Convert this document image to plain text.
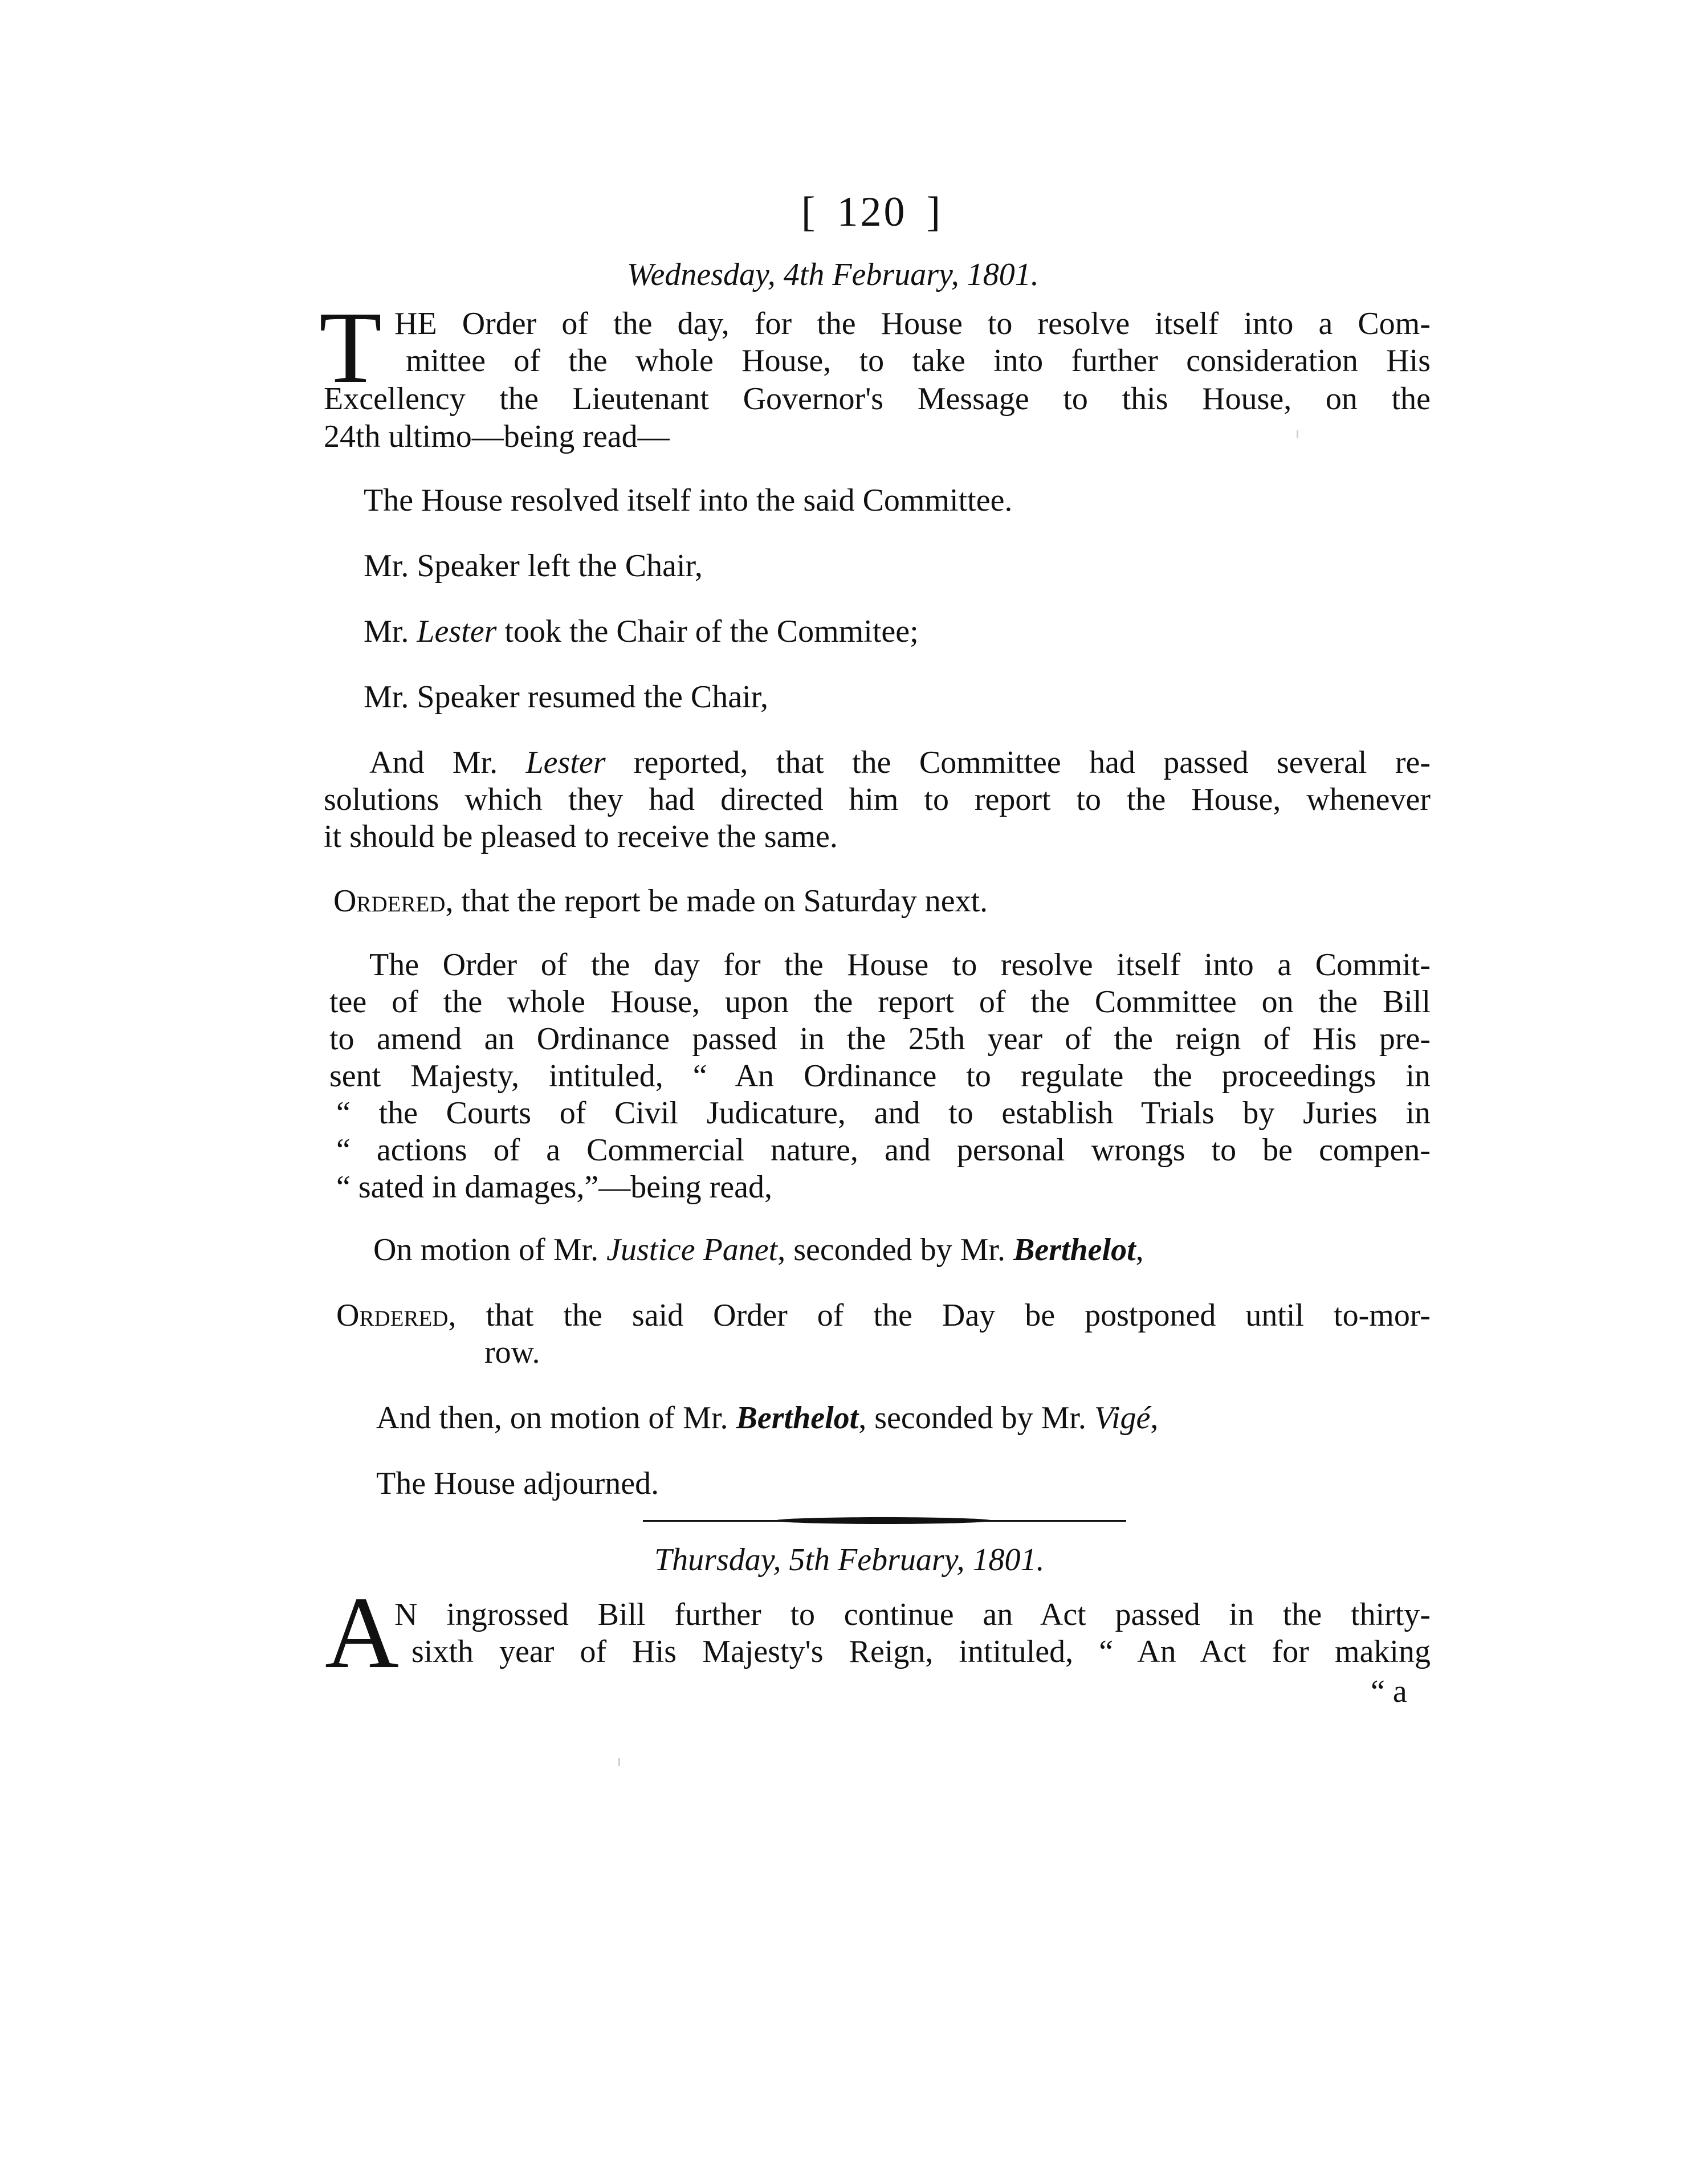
[ 120 ]
Wednesday, 4th February, 1801.
T HE Order of the day, for the House to resolve itself into a Com-
mittee of the whole House, to take into further consideration His
Excellency the Lieutenant Governor's Message to this House, on the
24th ultimo—being read—
The House resolved itself into the said Committee.
Mr. Speaker left the Chair,
Mr. Lester took the Chair of the Commitee;
Mr. Speaker resumed the Chair,
And Mr. Lester reported, that the Committee had passed several re-
solutions which they had directed him to report to the House, whenever
it should be pleased to receive the same.
Ordered, that the report be made on Saturday next.
The Order of the day for the House to resolve itself into a Commit-
tee of the whole House, upon the report of the Committee on the Bill
to amend an Ordinance passed in the 25th year of the reign of His pre-
sent Majesty, intituled, “ An Ordinance to regulate the proceedings in
“ the Courts of Civil Judicature, and to establish Trials by Juries in
“ actions of a Commercial nature, and personal wrongs to be compen-
“ sated in damages,”—being read,
On motion of Mr. Justice Panet, seconded by Mr. Berthelot,
Ordered, that the said Order of the Day be postponed until to-mor-
row.
And then, on motion of Mr. Berthelot, seconded by Mr. Vigé,
The House adjourned.
Thursday, 5th February, 1801.
A
N ingrossed Bill further to continue an Act passed in the thirty-
sixth year of His Majesty's Reign, intituled, “ An Act for making
“ a
